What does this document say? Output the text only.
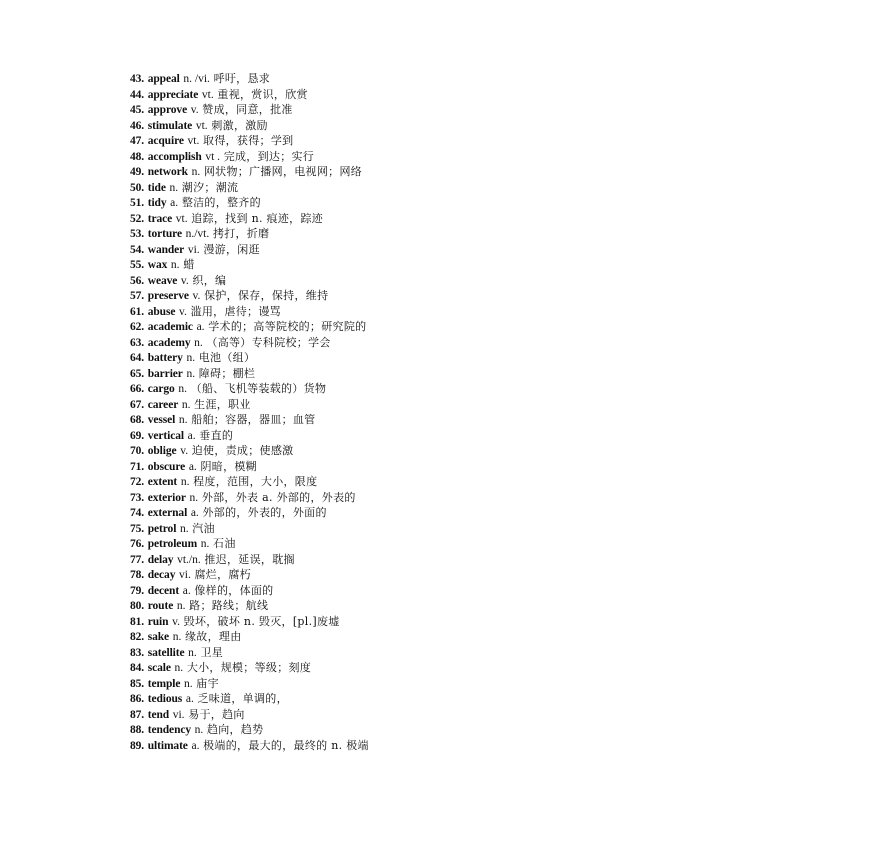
43. appeal n. /vi. 呼吁，恳求
44. appreciate vt. 重视，赏识，欣赏
45. approve v. 赞成，同意，批准
46. stimulate vt. 刺激，激励
47. acquire vt. 取得，获得；学到
48. accomplish vt . 完成，到达；实行
49. network n. 网状物；广播网，电视网；网络
50. tide n. 潮汐；潮流
51. tidy a. 整洁的，整齐的
52. trace vt. 追踪，找到 n. 痕迹，踪迹
53. torture n./vt. 拷打，折磨
54. wander vi. 漫游，闲逛
55. wax n. 蜡
56. weave v. 织，编
57. preserve v. 保护，保存，保持，维持
61. abuse v. 滥用，虐待；谩骂
62. academic a. 学术的；高等院校的；研究院的
63. academy n. （高等）专科院校；学会
64. battery n. 电池（组）
65. barrier n. 障碍；棚栏
66. cargo n. （船、飞机等装载的）货物
67. career n. 生涯，职业
68. vessel n. 船舶；容器，器皿；血管
69. vertical a. 垂直的
70. oblige v. 迫使，责成；使感激
71. obscure a. 阴暗，模糊
72. extent n. 程度，范围，大小，限度
73. exterior n. 外部，外表 a. 外部的，外表的
74. external a. 外部的，外表的，外面的
75. petrol n. 汽油
76. petroleum n. 石油
77. delay vt./n. 推迟，延误，耽搁
78. decay vi. 腐烂，腐朽
79. decent a. 像样的，体面的
80. route n. 路；路线；航线
81. ruin v. 毁坏，破坏 n. 毁灭，[pl.]废墟
82. sake n. 缘故，理由
83. satellite n. 卫星
84. scale n. 大小，规模；等级；刻度
85. temple n. 庙宇
86. tedious a. 乏味道，单调的，
87. tend vi. 易于，趋向
88. tendency n. 趋向，趋势
89. ultimate a. 极端的，最大的，最终的 n. 极端
